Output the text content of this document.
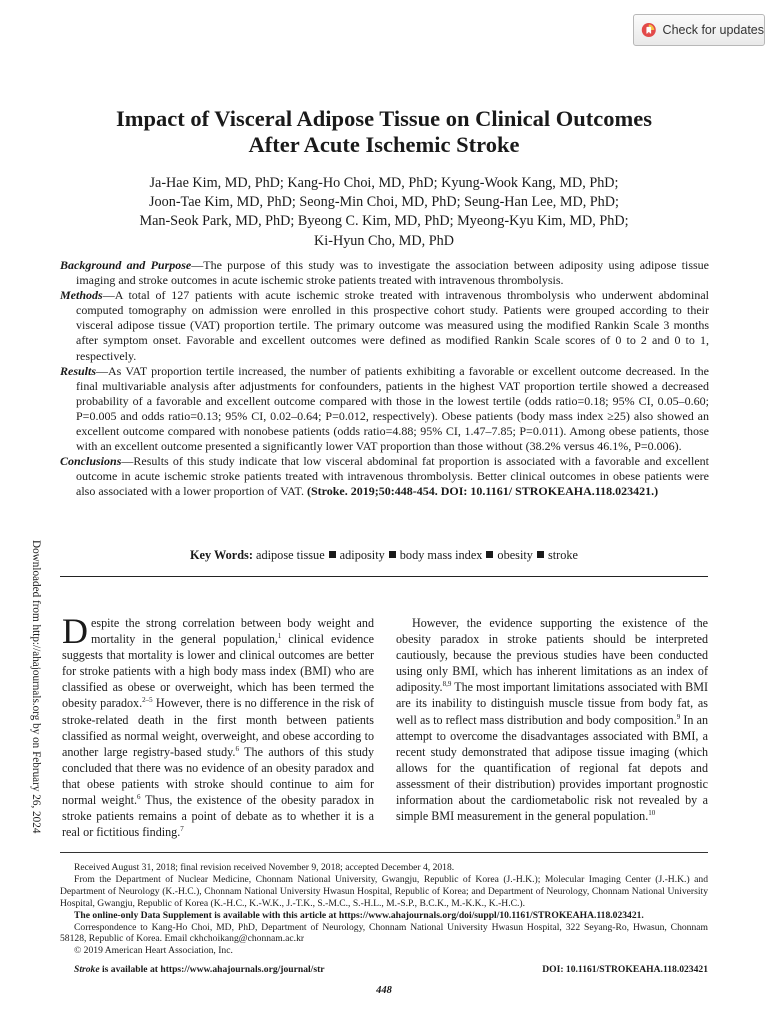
Check for updates
Impact of Visceral Adipose Tissue on Clinical Outcomes
After Acute Ischemic Stroke
Ja-Hae Kim, MD, PhD; Kang-Ho Choi, MD, PhD; Kyung-Wook Kang, MD, PhD;
Joon-Tae Kim, MD, PhD; Seong-Min Choi, MD, PhD; Seung-Han Lee, MD, PhD;
Man-Seok Park, MD, PhD; Byeong C. Kim, MD, PhD; Myeong-Kyu Kim, MD, PhD;
Ki-Hyun Cho, MD, PhD

Background and Purpose—The purpose of this study was to investigate the association between adiposity using adipose tissue imaging and stroke outcomes in acute ischemic stroke patients treated with intravenous thrombolysis.

Methods—A total of 127 patients with acute ischemic stroke treated with intravenous thrombolysis who underwent abdominal computed tomography on admission were enrolled in this prospective cohort study. Patients were grouped according to their visceral adipose tissue (VAT) proportion tertile. The primary outcome was measured using the modified Rankin Scale 3 months after symptom onset. Favorable and excellent outcomes were defined as modified Rankin Scale scores of 0 to 2 and 0 to 1, respectively.

Results—As VAT proportion tertile increased, the number of patients exhibiting a favorable or excellent outcome decreased. In the final multivariable analysis after adjustments for confounders, patients in the highest VAT proportion tertile showed a decreased probability of a favorable and excellent outcome compared with those in the lowest tertile (odds ratio=0.18; 95% CI, 0.05–0.60; P=0.005 and odds ratio=0.13; 95% CI, 0.02–0.64; P=0.012, respectively). Obese patients (body mass index ≥25) also showed an excellent outcome compared with nonobese patients (odds ratio=4.88; 95% CI, 1.47–7.85; P=0.011). Among obese patients, those with an excellent outcome presented a significantly lower VAT proportion than those without (38.2% versus 46.1%, P=0.006).

Conclusions—Results of this study indicate that low visceral abdominal fat proportion is associated with a favorable and excellent outcome in acute ischemic stroke patients treated with intravenous thrombolysis. Better clinical outcomes in obese patients were also associated with a lower proportion of VAT. (Stroke. 2019;50:448-454. DOI: 10.1161/ STROKEAHA.118.023421.)

Key Words: adipose tissue adiposity body mass index obesity stroke
Downloaded from http://ahajournals.org by on February 26, 2024 Despite the strong correlation between body weight and mortality in the general population,$^1$ clinical evidence suggests that mortality is lower and clinical outcomes are better for stroke patients with a high body mass index (BMI) who are classified as obese or overweight, which has been termed the obesity paradox.$^{2-5}$ However, there is no difference in the risk of stroke-related death in the first month between patients classified as normal weight, overweight, and obese according to another large registry-based study.$^6$ The authors of this study concluded that there was no evidence of an obesity paradox and that obese patients with stroke should continue to aim for normal weight.$^6$ Thus, the existence of the obesity paradox in stroke patients remains a point of debate as to whether it is a real or fictitious finding.$^7$

However, the evidence supporting the existence of the obesity paradox in stroke patients should be interpreted cautiously, because the previous studies have been conducted using only BMI, which has inherent limitations as an index of adiposity.$^{8,9}$ The most important limitations associated with BMI are its inability to distinguish muscle tissue from body fat, as well as to reflect mass distribution and body composition.$^9$ In an attempt to overcome the disadvantages associated with BMI, a recent study demonstrated that adipose tissue imaging (which allows for the quantification of regional fat depots and assessment of their distribution) provides important prognostic information about the cardiometabolic risk not revealed by a simple BMI measurement in the general population.$^{10}$

Received August 31, 2018; final revision received November 9, 2018; accepted December 4, 2018.
From the Department of Nuclear Medicine, Chonnam National University, Gwangju, Republic of Korea (J.-H.K.); Molecular Imaging Center (J.-H.K.) and Department of Neurology (K.-H.C.), Chonnam National University Hwasun Hospital, Republic of Korea; and Department of Neurology, Chonnam National University Hospital, Gwangju, Republic of Korea (K.-H.C., K.-W.K., J.-T.K., S.-M.C., S.-H.L., M.-S.P., B.C.K., M.-K.K., K.-H.C.).
The online-only Data Supplement is available with this article at https://www.ahajournals.org/doi/suppl/10.1161/STROKEAHA.118.023421.
Correspondence to Kang-Ho Choi, MD, PhD, Department of Neurology, Chonnam National University Hwasun Hospital, 322 Seyang-Ro, Hwasun, Chonnam 58128, Republic of Korea. Email ckhchoikang@chonnam.ac.kr
© 2019 American Heart Association, Inc.
Stroke is available at https://www.ahajournals.org/journal/str	DOI: 10.1161/STROKEAHA.118.023421
448
